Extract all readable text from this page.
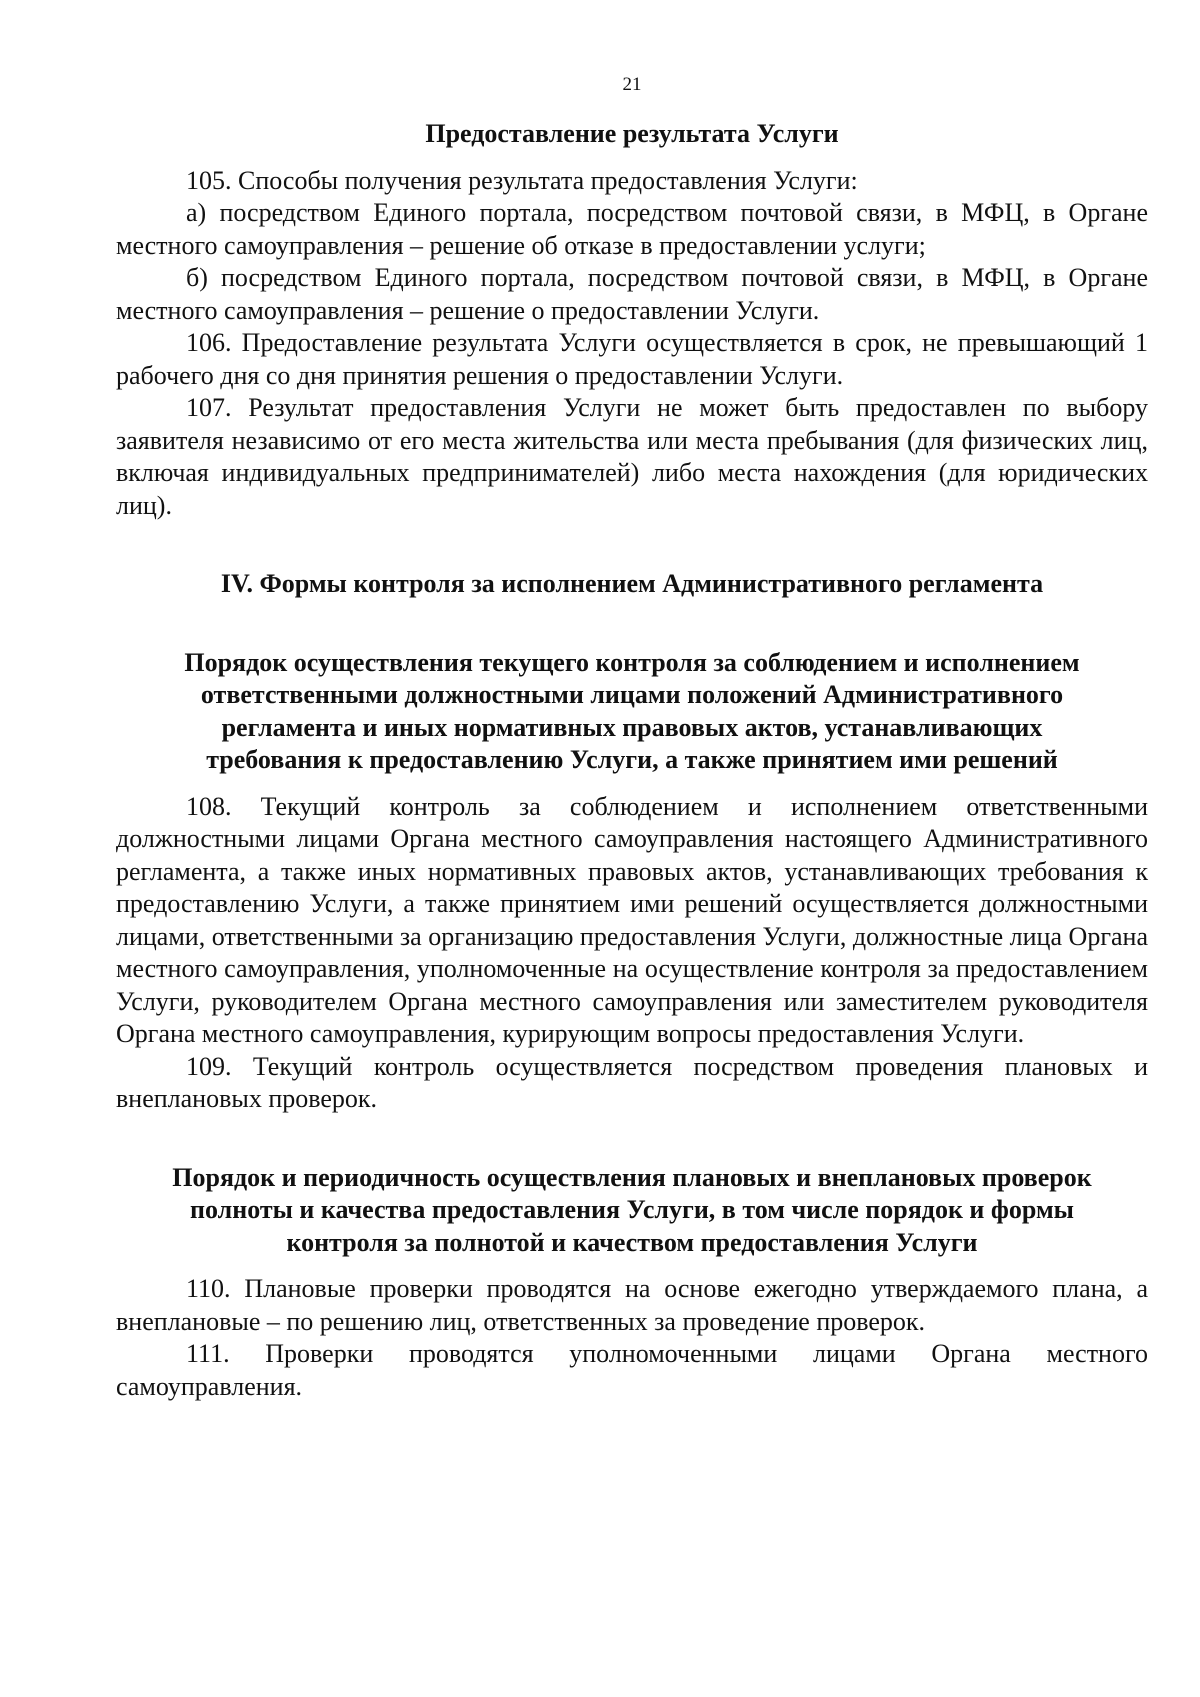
21
Предоставление результата Услуги

105. Способы получения результата предоставления Услуги:

а) посредством Единого портала, посредством почтовой связи, в МФЦ, в Органе местного самоуправления – решение об отказе в предоставлении услуги;

б) посредством Единого портала, посредством почтовой связи, в МФЦ, в Органе местного самоуправления – решение о предоставлении Услуги.

106. Предоставление результата Услуги осуществляется в срок, не превышающий 1 рабочего дня со дня принятия решения о предоставлении Услуги.

107. Результат предоставления Услуги не может быть предоставлен по выбору заявителя независимо от его места жительства или места пребывания (для физических лиц, включая индивидуальных предпринимателей) либо места нахождения (для юридических лиц).

IV. Формы контроля за исполнением Административного регламента
Порядок осуществления текущего контроля за соблюдением и исполнением
ответственными должностными лицами положений Административного
регламента и иных нормативных правовых актов, устанавливающих
требования к предоставлению Услуги, а также принятием ими решений

108. Текущий контроль за соблюдением и исполнением ответственными должностными лицами Органа местного самоуправления настоящего Административного регламента, а также иных нормативных правовых актов, устанавливающих требования к предоставлению Услуги, а также принятием ими решений осуществляется должностными лицами, ответственными за организацию предоставления Услуги, должностные лица Органа местного самоуправления, уполномоченные на осуществление контроля за предоставлением Услуги, руководителем Органа местного самоуправления или заместителем руководителя Органа местного самоуправления, курирующим вопросы предоставления Услуги.

109. Текущий контроль осуществляется посредством проведения плановых и внеплановых проверок.

Порядок и периодичность осуществления плановых и внеплановых проверок
полноты и качества предоставления Услуги, в том числе порядок и формы
контроля за полнотой и качеством предоставления Услуги

110. Плановые проверки проводятся на основе ежегодно утверждаемого плана, а внеплановые – по решению лиц, ответственных за проведение проверок.

111. Проверки проводятся уполномоченными лицами Органа местного самоуправления.
